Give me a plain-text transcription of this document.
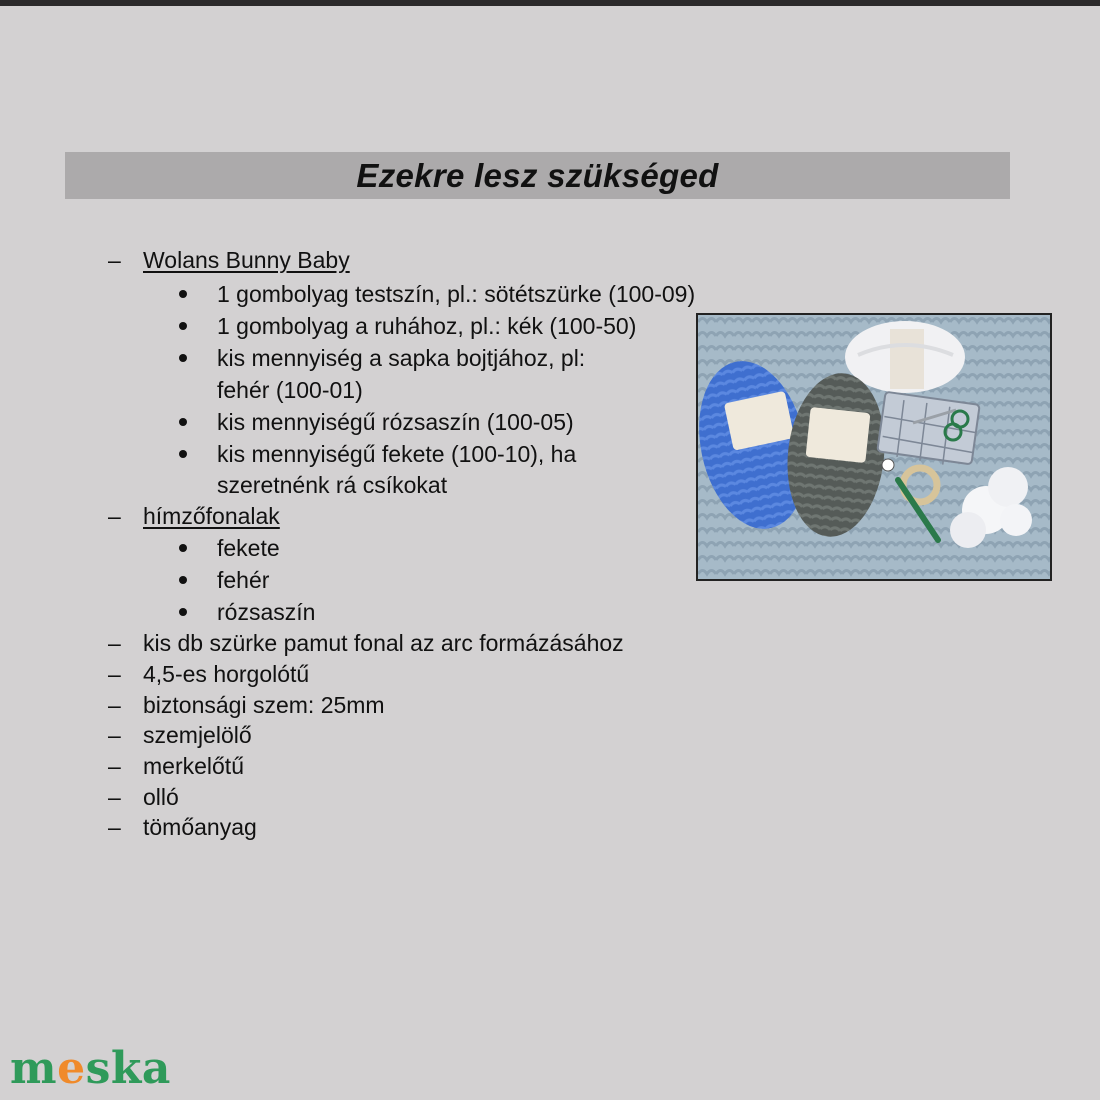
Ezekre lesz szükséged
– Wolans Bunny Baby
1 gombolyag testszín, pl.: sötétszürke (100-09)
1 gombolyag a ruhához, pl.: kék (100-50)
kis mennyiség a sapka bojtjához, pl:
fehér (100-01)
kis mennyiségű rózsaszín (100-05)
kis mennyiségű fekete (100-10), ha
szeretnénk rá csíkokat
– hímzőfonalak
fekete
fehér
rózsaszín
– kis db szürke pamut fonal az arc formázásához
– 4,5-es horgolótű
– biztonsági szem: 25mm
– szemjelölő
– merkelőtű
– olló
– tömőanyag
meska
